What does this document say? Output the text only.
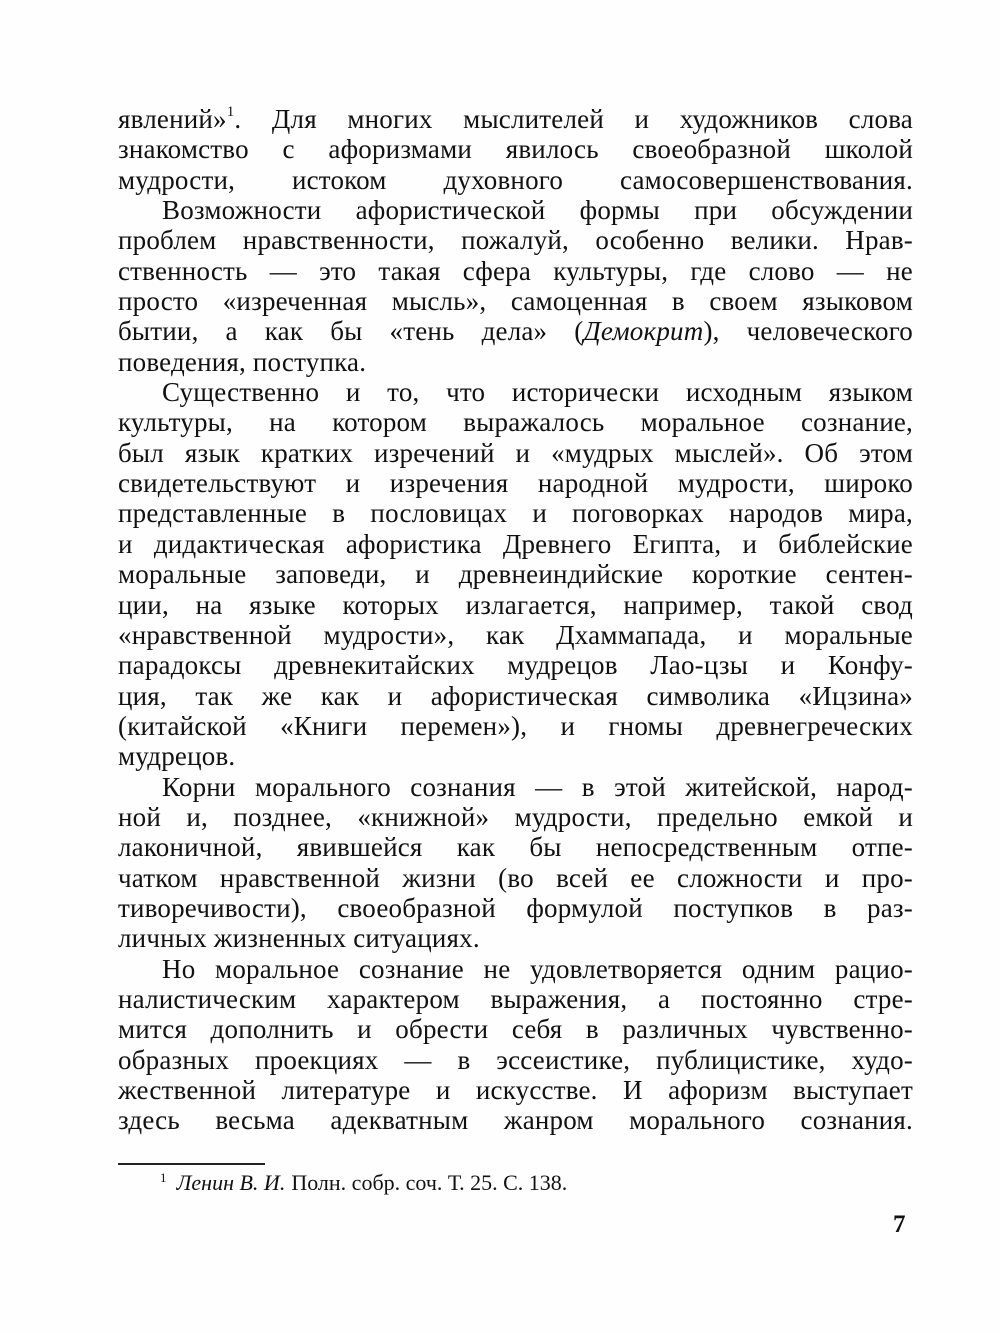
явлений»$^1$. Для многих мыслителей и художников слова
знакомство с афоризмами явилось своеобразной школой
мудрости, истоком духовного самосовершенствования.
Возможности афористической формы при обсуждении
проблем нравственности, пожалуй, особенно велики. Нрав-
ственность — это такая сфера культуры, где слово — не
просто «изреченная мысль», самоценная в своем языковом
бытии, а как бы «тень дела» (Демокрит), человеческого
поведения, поступка.
Существенно и то, что исторически исходным языком
культуры, на котором выражалось моральное сознание,
был язык кратких изречений и «мудрых мыслей». Об этом
свидетельствуют и изречения народной мудрости, широко
представленные в пословицах и поговорках народов мира,
и дидактическая афористика Древнего Египта, и библейские
моральные заповеди, и древнеиндийские короткие сентен-
ции, на языке которых излагается, например, такой свод
«нравственной мудрости», как Дхаммапада, и моральные
парадоксы древнекитайских мудрецов Лао-цзы и Конфу-
ция, так же как и афористическая символика «Ицзина»
(китайской «Книги перемен»), и гномы древнегреческих
мудрецов.
Корни морального сознания — в этой житейской, народ-
ной и, позднее, «книжной» мудрости, предельно емкой и
лаконичной, явившейся как бы непосредственным отпе-
чатком нравственной жизни (во всей ее сложности и про-
тиворечивости), своеобразной формулой поступков в раз-
личных жизненных ситуациях.
Но моральное сознание не удовлетворяется одним рацио-
налистическим характером выражения, а постоянно стре-
мится дополнить и обрести себя в различных чувственно-
образных проекциях — в эссеистике, публицистике, худо-
жественной литературе и искусстве. И афоризм выступает
здесь весьма адекватным жанром морального сознания.
$^1$ Ленин В. И. Полн. собр. соч. Т. 25. С. 138.
7
